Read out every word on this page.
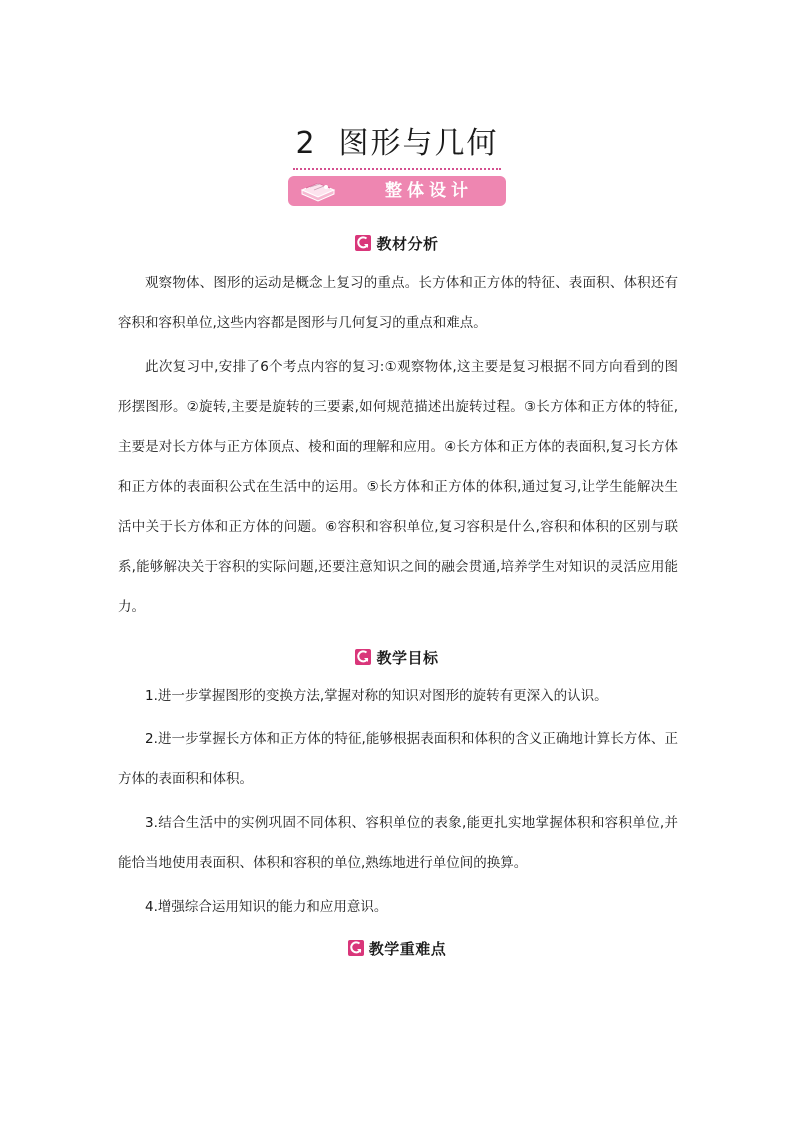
2 图形与几何
整体设计
教材分析

观察物体、图形的运动是概念上复习的重点。长方体和正方体的特征、表面积、体积还有容积和容积单位,这些内容都是图形与几何复习的重点和难点。

此次复习中,安排了6个考点内容的复习:①观察物体,这主要是复习根据不同方向看到的图形摆图形。②旋转,主要是旋转的三要素,如何规范描述出旋转过程。③长方体和正方体的特征,主要是对长方体与正方体顶点、棱和面的理解和应用。④长方体和正方体的表面积,复习长方体和正方体的表面积公式在生活中的运用。⑤长方体和正方体的体积,通过复习,让学生能解决生活中关于长方体和正方体的问题。⑥容积和容积单位,复习容积是什么,容积和体积的区别与联系,能够解决关于容积的实际问题,还要注意知识之间的融会贯通,培养学生对知识的灵活应用能力。

教学目标

1.进一步掌握图形的变换方法,掌握对称的知识对图形的旋转有更深入的认识。

2.进一步掌握长方体和正方体的特征,能够根据表面积和体积的含义正确地计算长方体、正方体的表面积和体积。

3.结合生活中的实例巩固不同体积、容积单位的表象,能更扎实地掌握体积和容积单位,并能恰当地使用表面积、体积和容积的单位,熟练地进行单位间的换算。

4.增强综合运用知识的能力和应用意识。

教学重难点
